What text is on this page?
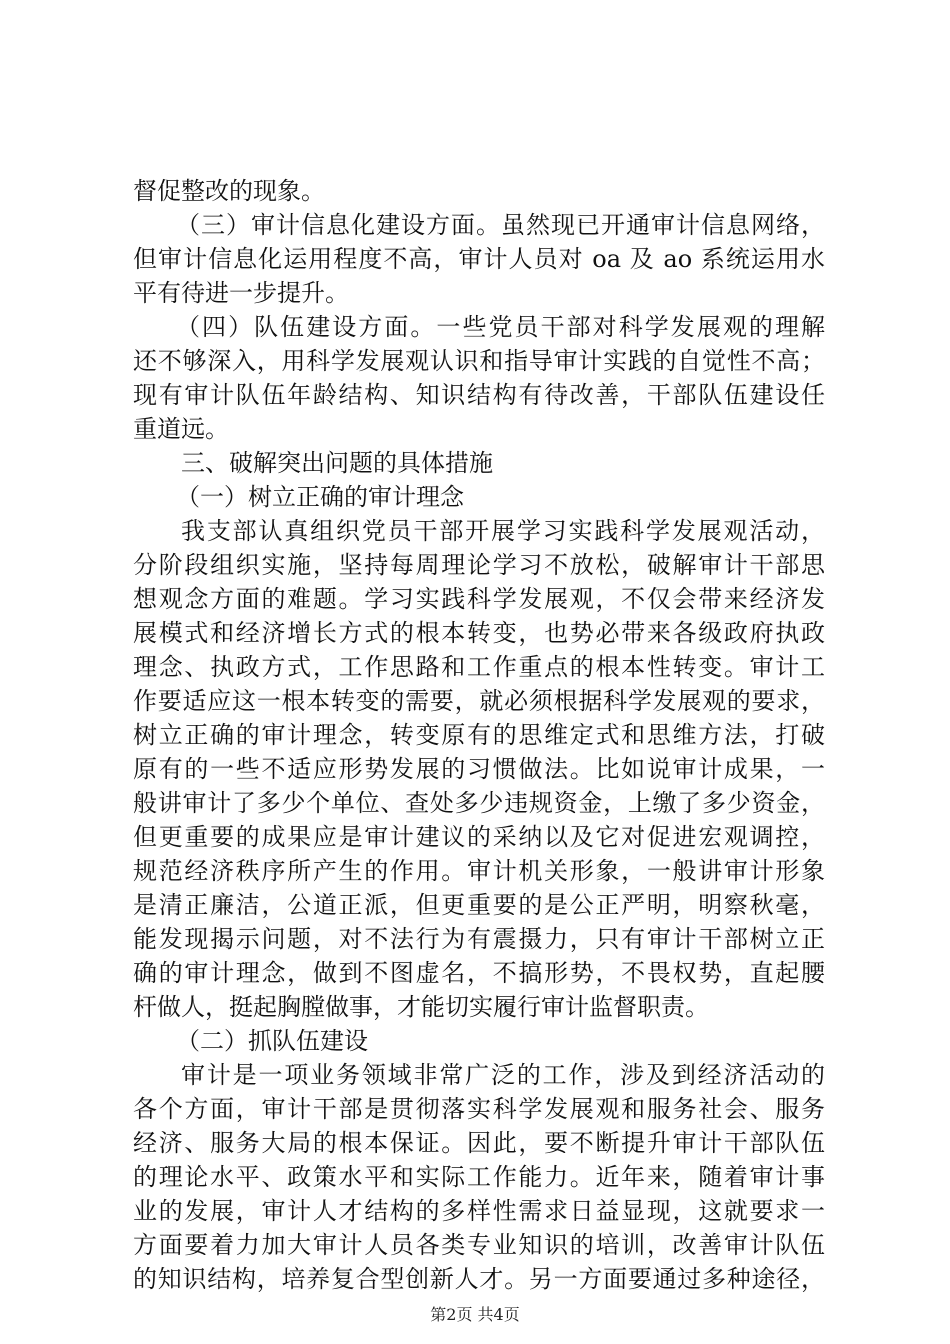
督促整改的现象。
（三）审计信息化建设方面。虽然现已开通审计信息网络，
但审计信息化运用程度不高，审计人员对 oa 及 ao 系统运用水
平有待进一步提升。
（四）队伍建设方面。一些党员干部对科学发展观的理解
还不够深入，用科学发展观认识和指导审计实践的自觉性不高；
现有审计队伍年龄结构、知识结构有待改善，干部队伍建设任
重道远。
三、破解突出问题的具体措施
（一）树立正确的审计理念
我支部认真组织党员干部开展学习实践科学发展观活动，
分阶段组织实施，坚持每周理论学习不放松，破解审计干部思
想观念方面的难题。学习实践科学发展观，不仅会带来经济发
展模式和经济增长方式的根本转变，也势必带来各级政府执政
理念、执政方式，工作思路和工作重点的根本性转变。审计工
作要适应这一根本转变的需要，就必须根据科学发展观的要求，
树立正确的审计理念，转变原有的思维定式和思维方法，打破
原有的一些不适应形势发展的习惯做法。比如说审计成果，一
般讲审计了多少个单位、查处多少违规资金，上缴了多少资金，
但更重要的成果应是审计建议的采纳以及它对促进宏观调控，
规范经济秩序所产生的作用。审计机关形象，一般讲审计形象
是清正廉洁，公道正派，但更重要的是公正严明，明察秋毫，
能发现揭示问题，对不法行为有震摄力，只有审计干部树立正
确的审计理念，做到不图虚名，不搞形势，不畏权势，直起腰
杆做人，挺起胸膛做事，才能切实履行审计监督职责。
（二）抓队伍建设
审计是一项业务领域非常广泛的工作，涉及到经济活动的
各个方面，审计干部是贯彻落实科学发展观和服务社会、服务
经济、服务大局的根本保证。因此，要不断提升审计干部队伍
的理论水平、政策水平和实际工作能力。近年来，随着审计事
业的发展，审计人才结构的多样性需求日益显现，这就要求一
方面要着力加大审计人员各类专业知识的培训，改善审计队伍
的知识结构，培养复合型创新人才。另一方面要通过多种途径，
第2页 共4页
